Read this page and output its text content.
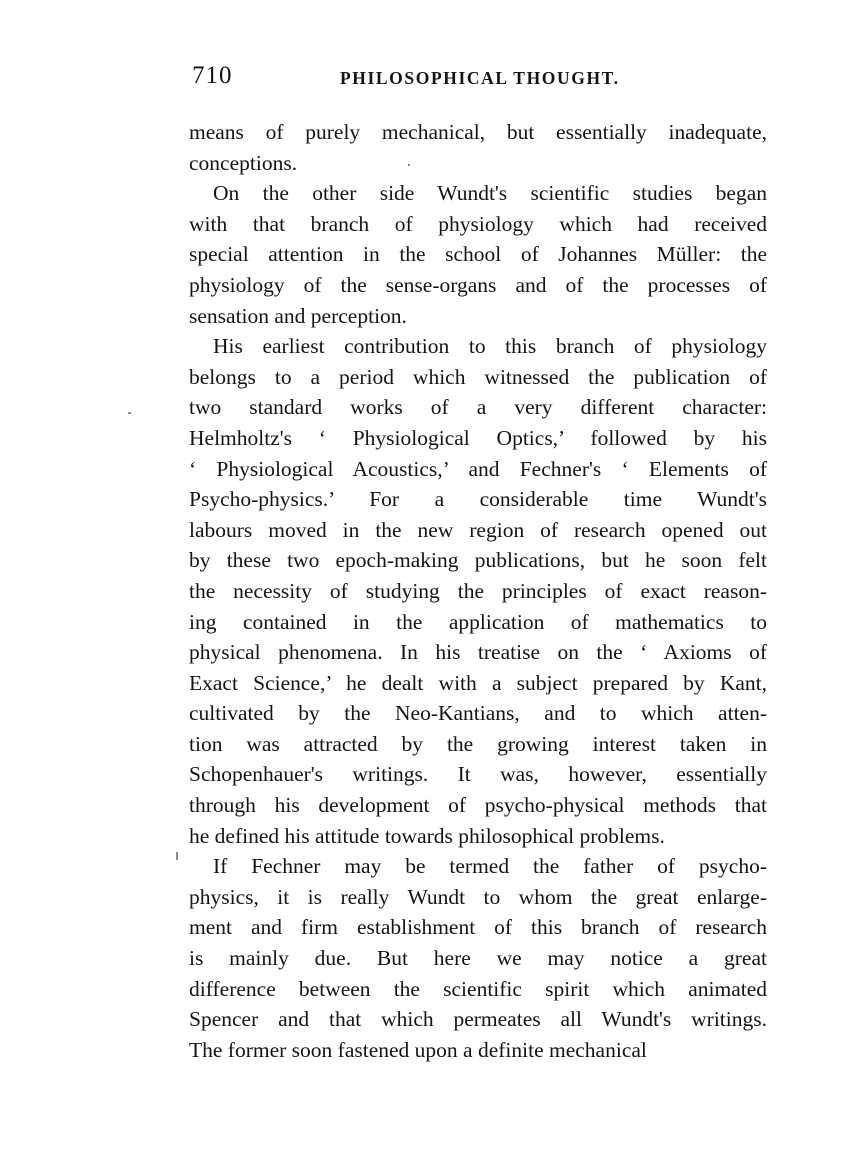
710	PHILOSOPHICAL THOUGHT.
means of purely mechanical, but essentially inadequate,
conceptions.
On the other side Wundt's scientific studies began
with that branch of physiology which had received
special attention in the school of Johannes Müller: the
physiology of the sense-organs and of the processes of
sensation and perception.
His earliest contribution to this branch of physiology
belongs to a period which witnessed the publication of
two standard works of a very different character:
Helmholtz's ‘ Physiological Optics,’ followed by his
‘ Physiological Acoustics,’ and Fechner's ‘ Elements of
Psycho-physics.’ For a considerable time Wundt's
labours moved in the new region of research opened out
by these two epoch-making publications, but he soon felt
the necessity of studying the principles of exact reason-
ing contained in the application of mathematics to
physical phenomena. In his treatise on the ‘ Axioms of
Exact Science,’ he dealt with a subject prepared by Kant,
cultivated by the Neo-Kantians, and to which atten-
tion was attracted by the growing interest taken in
Schopenhauer's writings. It was, however, essentially
through his development of psycho-physical methods that
he defined his attitude towards philosophical problems.
If Fechner may be termed the father of psycho-
physics, it is really Wundt to whom the great enlarge-
ment and firm establishment of this branch of research
is mainly due. But here we may notice a great
difference between the scientific spirit which animated
Spencer and that which permeates all Wundt's writings.
The former soon fastened upon a definite mechanical
